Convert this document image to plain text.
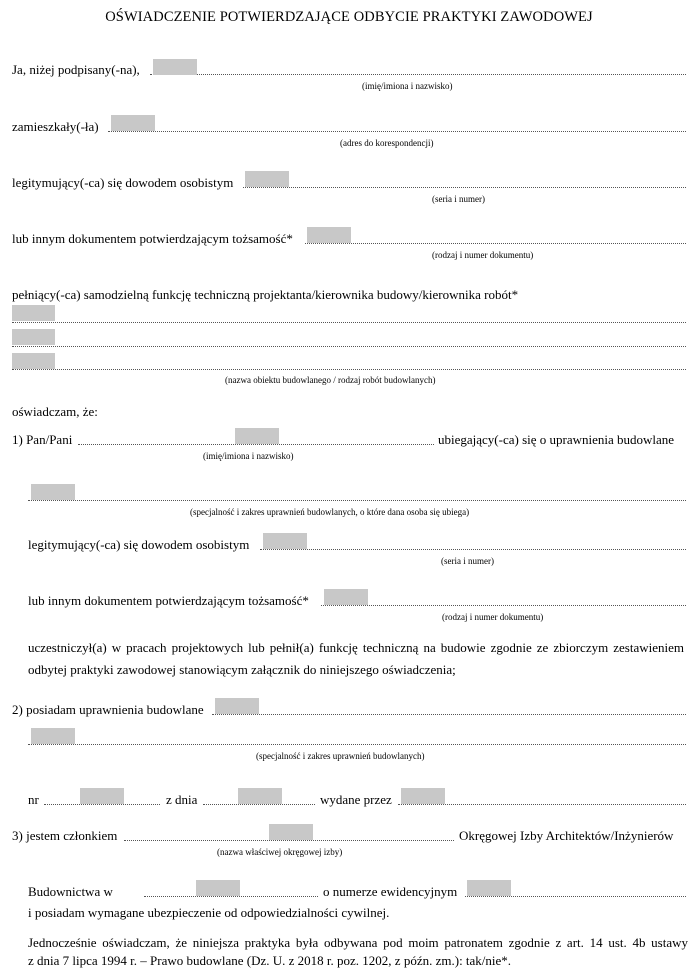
OŚWIADCZENIE POTWIERDZAJĄCE ODBYCIE PRAKTYKI ZAWODOWEJ
Ja, niżej podpisany(-na),
(imię/imiona i nazwisko)
zamieszkały(-ła)
(adres do korespondencji)
legitymujący(-ca) się dowodem osobistym
(seria i numer)
lub innym dokumentem potwierdzającym tożsamość*
(rodzaj i numer dokumentu)
pełniący(-ca) samodzielną funkcję techniczną projektanta/kierownika budowy/kierownika robót*
(nazwa obiektu budowlanego / rodzaj robót budowlanych)
oświadczam, że:
1) Pan/Pani	ubiegający(-ca) się o uprawnienia budowlane
(imię/imiona i nazwisko)
(specjalność i zakres uprawnień budowlanych, o które dana osoba się ubiega)
legitymujący(-ca) się dowodem osobistym
(seria i numer)
lub innym dokumentem potwierdzającym tożsamość*
(rodzaj i numer dokumentu)
uczestniczył(a) w pracach projektowych lub pełnił(a) funkcję techniczną na budowie zgodnie ze zbiorczym zestawieniem
odbytej praktyki zawodowej stanowiącym załącznik do niniejszego oświadczenia;
2) posiadam uprawnienia budowlane
(specjalność i zakres uprawnień budowlanych)
nr	z dnia	wydane przez
3) jestem członkiem	Okręgowej Izby Architektów/Inżynierów
(nazwa właściwej okręgowej izby)
Budownictwa w	o numerze ewidencyjnym
i posiadam wymagane ubezpieczenie od odpowiedzialności cywilnej.
Jednocześnie oświadczam, że niniejsza praktyka była odbywana pod moim patronatem zgodnie z art. 14 ust. 4b ustawy
z dnia 7 lipca 1994 r. – Prawo budowlane (Dz. U. z 2018 r. poz. 1202, z późn. zm.): tak/nie*.
